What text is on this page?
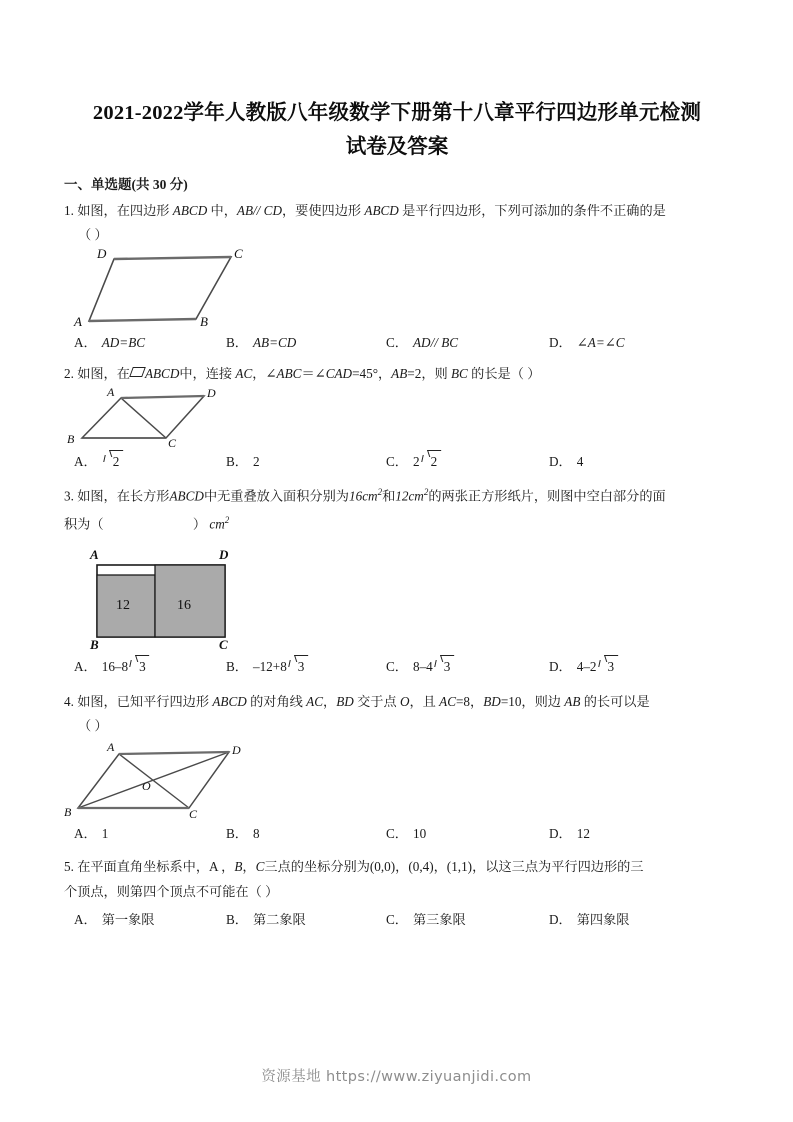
2021-2022学年人教版八年级数学下册第十八章平行四边形单元检测
试卷及答案
一、单选题(共 30 分)
1. 如图，在四边形 ABCD 中，AB// CD，要使四边形 ABCD 是平行四边形，下列可添加的条件不正确的是
（ ）
A	B
C
D
A． AD=BC	B． AB=CD	C． AD// BC	D． ∠A=∠C
2. 如图，在 ABCD中，连接 AC，∠ABC＝∠CAD=45°，AB=2，则 BC 的长是（ ）
A
B	C
D
A．	2	B． 2	C． 2 2	D． 4
3. 如图，在长方形ABCD中无重叠放入面积分别为$16cm^2$和$12cm^2$的两张正方形纸片，则图中空白部分的面
积为（	） $cm^2$
12	16
A	D
B	C
A． 16–8 3	B． –12+8 3	C． 8–4 3	D． 4–2 3
4. 如图，已知平行四边形 ABCD 的对角线 AC，BD 交于点 O，且 AC=8，BD=10，则边 AB 的长可以是
（ ）
A
B	C
D
O
A． 1	B． 8	C． 10	D． 12
5. 在平面直角坐标系中，A ，B，C三点的坐标分别为(0,0)，(0,4)，(1,1)，以这三点为平行四边形的三
个顶点，则第四个顶点不可能在（ ）
A． 第一象限	B． 第二象限	C． 第三象限	D． 第四象限
资源基地 https://www.ziyuanjidi.com
